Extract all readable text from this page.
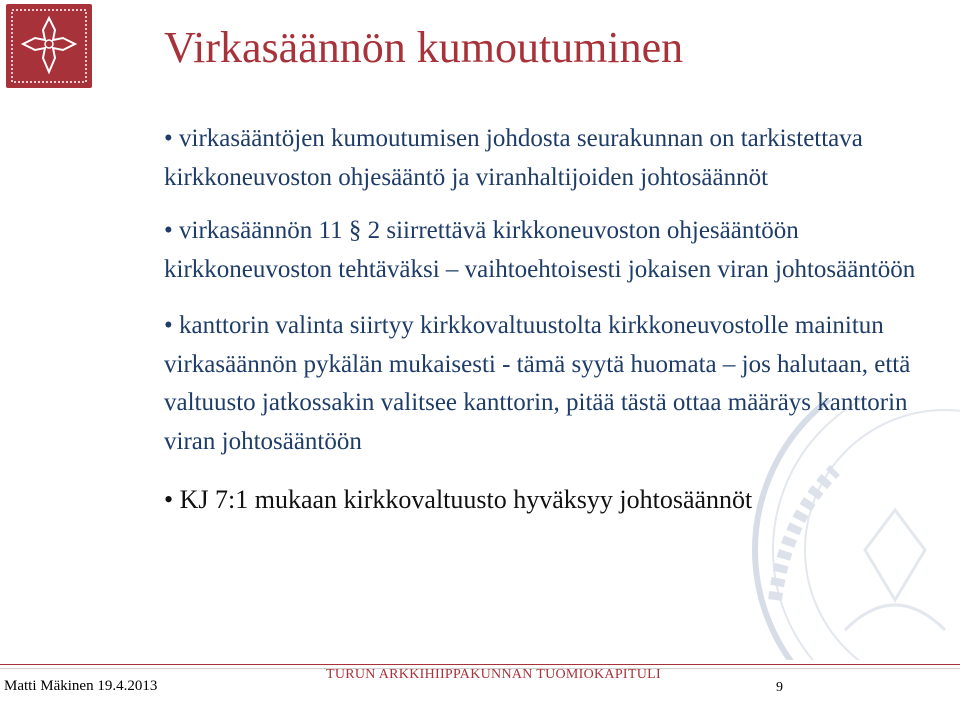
Virkasäännön kumoutuminen
• virkasääntöjen kumoutumisen johdosta seurakunnan on tarkistettava kirkkoneuvoston ohjesääntö ja viranhaltijoiden johtosäännöt
• virkasäännön 11 § 2 siirrettävä kirkkoneuvoston ohjesääntöön kirkkoneuvoston tehtäväksi – vaihtoehtoisesti jokaisen viran johtosääntöön
• kanttorin valinta siirtyy kirkkovaltuustolta kirkkoneuvostolle mainitun virkasäännön pykälän mukaisesti - tämä syytä huomata – jos halutaan, että valtuusto jatkossakin valitsee kanttorin, pitää tästä ottaa määräys kanttorin viran johtosääntöön
• KJ 7:1 mukaan kirkkovaltuusto hyväksyy johtosäännöt
TURUN ARKKIHIIPPAKUNNAN TUOMIOKAPITULI
Matti Mäkinen 19.4.2013	9
